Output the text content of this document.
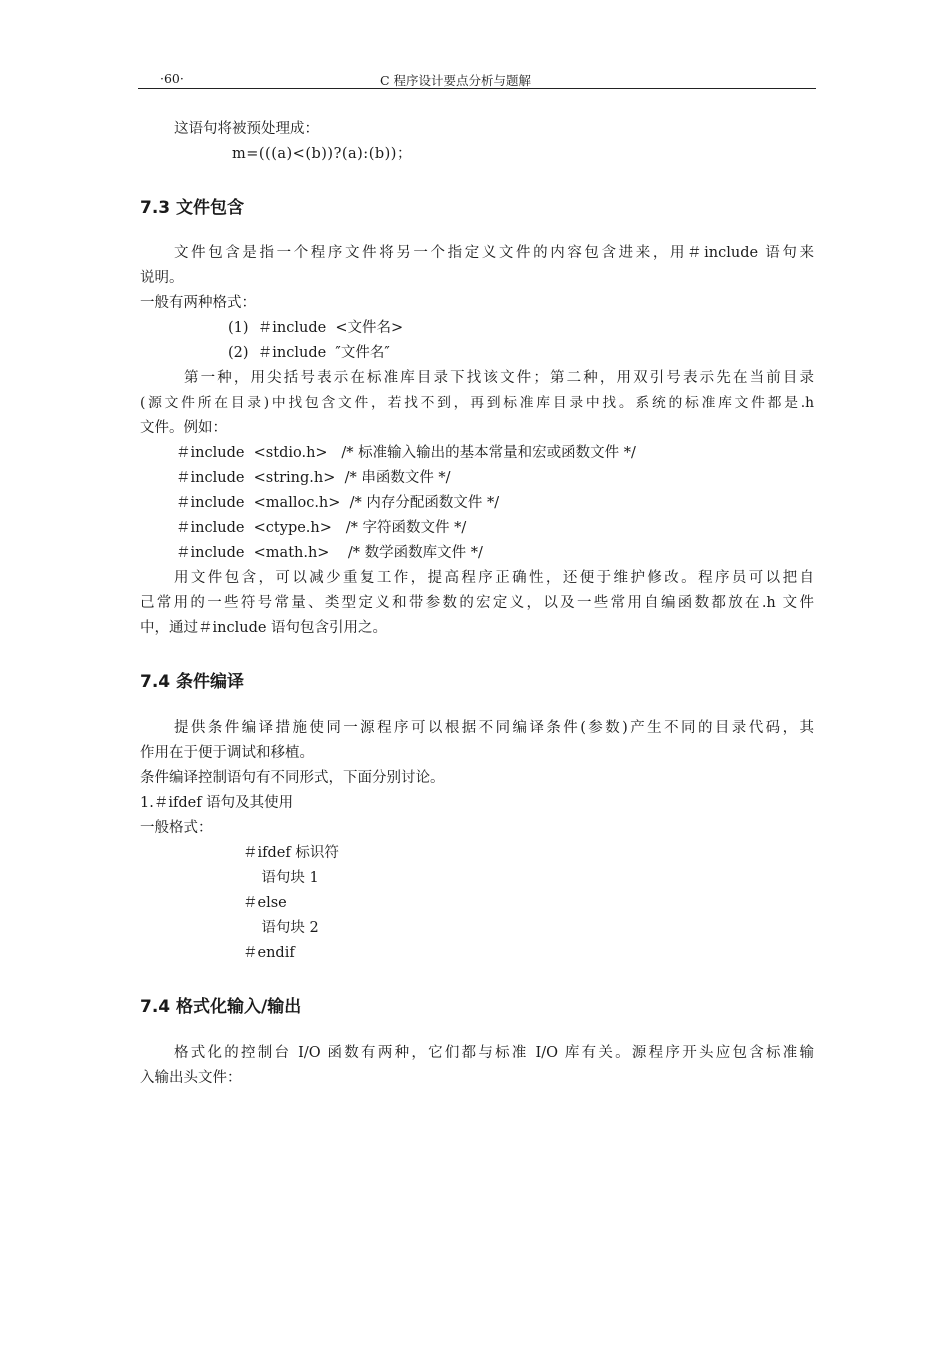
·60·	C 程序设计要点分析与题解
这语句将被预处理成：
m=(((a)<(b))?(a):(b))；
7.3 文件包含
文件包含是指一个程序文件将另一个指定义文件的内容包含进来，用＃include 语句来
说明。
一般有两种格式：
(1)  ＃include  <文件名>
(2)  ＃include  ″文件名″
第一种，用尖括号表示在标准库目录下找该文件；第二种，用双引号表示先在当前目录
(源文件所在目录)中找包含文件，若找不到，再到标准库目录中找。系统的标准库文件都是.h
文件。例如：
＃include  <stdio.h>   /* 标准输入输出的基本常量和宏或函数文件 */
＃include  <string.h>  /* 串函数文件 */
＃include  <malloc.h>  /* 内存分配函数文件 */
＃include  <ctype.h>   /* 字符函数文件 */
＃include  <math.h>    /* 数学函数库文件 */
用文件包含，可以减少重复工作，提高程序正确性，还便于维护修改。程序员可以把自
己常用的一些符号常量、类型定义和带参数的宏定义，以及一些常用自编函数都放在.h 文件
中，通过＃include 语句包含引用之。
7.4 条件编译
提供条件编译措施使同一源程序可以根据不同编译条件(参数)产生不同的目录代码，其
作用在于便于调试和移植。
条件编译控制语句有不同形式，下面分别讨论。
1.＃ifdef 语句及其使用
一般格式：
＃ifdef 标识符
语句块 1
＃else
语句块 2
＃endif
7.4 格式化输入/输出
格式化的控制台 I/O 函数有两种，它们都与标准 I/O 库有关。源程序开头应包含标准输
入输出头文件：
